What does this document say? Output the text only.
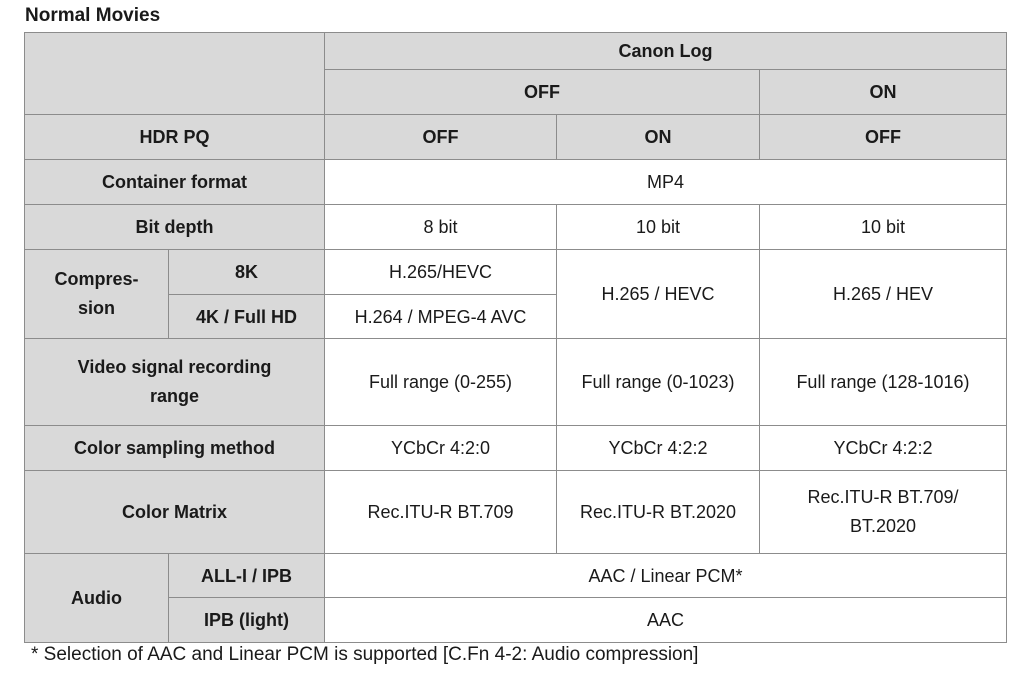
Normal Movies
		Canon Log		
		OFF		ON
HDR PQ		OFF	ON	OFF
Container format		MP4		
Bit depth		8 bit	10 bit	10 bit
Compres-
sion	8K	H.265/HEVC	H.265 / HEVC	H.265 / HEV
	4K / Full HD	H.264 / MPEG-4 AVC		
Video signal recording
range		Full range (0-255)	Full range (0-1023)	Full range (128-1016)
Color sampling method		YCbCr 4:2:0	YCbCr 4:2:2	YCbCr 4:2:2
Color Matrix		Rec.ITU-R BT.709	Rec.ITU-R BT.2020	Rec.ITU-R BT.709/
BT.2020
Audio	ALL-I / IPB	AAC / Linear PCM*		
	IPB (light)	AAC		
* Selection of AAC and Linear PCM is supported [C.Fn 4-2: Audio compression]
